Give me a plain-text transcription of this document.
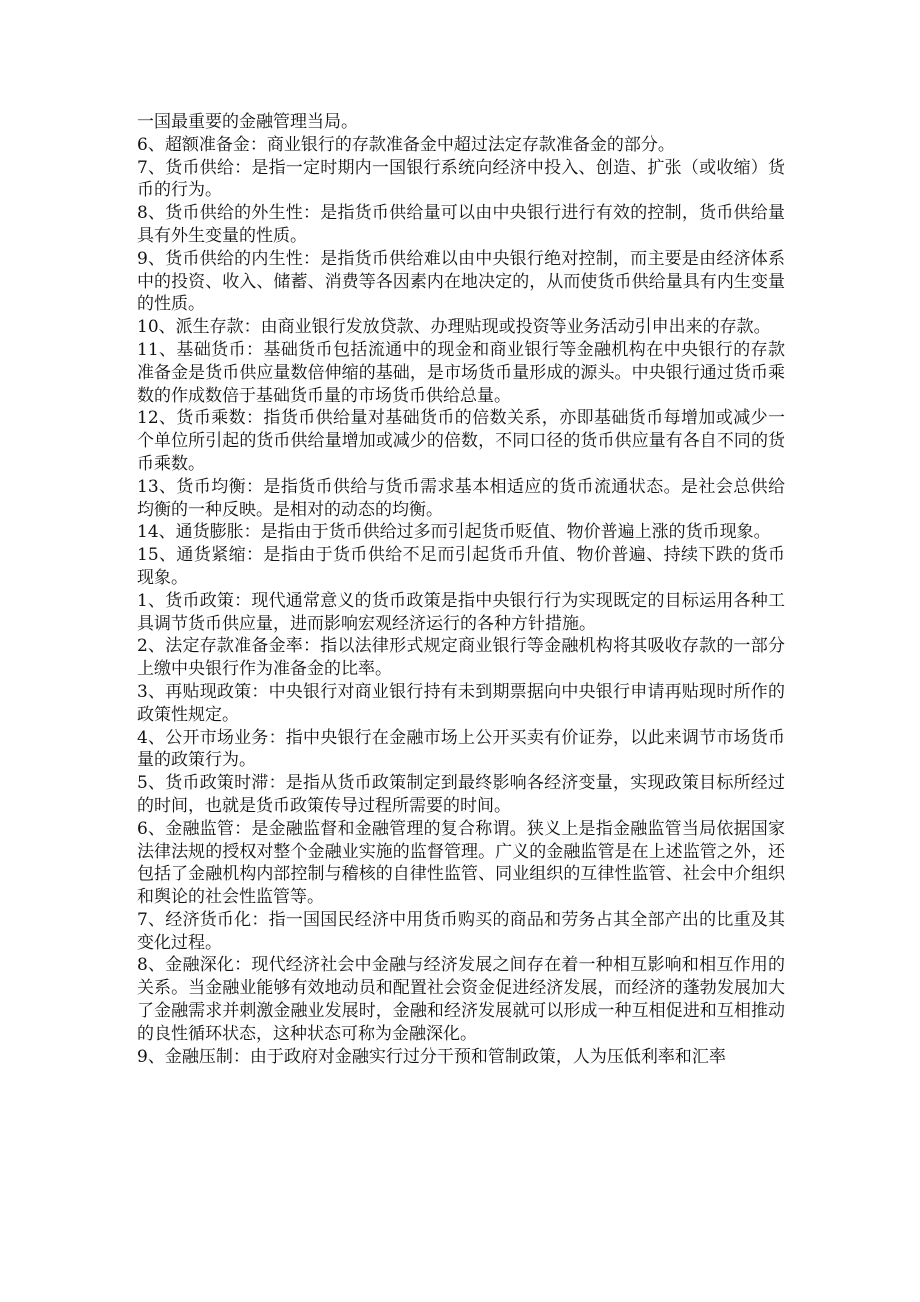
一国最重要的金融管理当局。

6、超额准备金：商业银行的存款准备金中超过法定存款准备金的部分。

7、货币供给：是指一定时期内一国银行系统向经济中投入、创造、扩张（或收缩）货币的行为。

8、货币供给的外生性：是指货币供给量可以由中央银行进行有效的控制，货币供给量具有外生变量的性质。

9、货币供给的内生性：是指货币供给难以由中央银行绝对控制，而主要是由经济体系中的投资、收入、储蓄、消费等各因素内在地决定的，从而使货币供给量具有内生变量的性质。

10、派生存款：由商业银行发放贷款、办理贴现或投资等业务活动引申出来的存款。

11、基础货币：基础货币包括流通中的现金和商业银行等金融机构在中央银行的存款准备金是货币供应量数倍伸缩的基础，是市场货币量形成的源头。中央银行通过货币乘数的作成数倍于基础货币量的市场货币供给总量。

12、货币乘数：指货币供给量对基础货币的倍数关系，亦即基础货币每增加或减少一个单位所引起的货币供给量增加或减少的倍数，不同口径的货币供应量有各自不同的货币乘数。

13、货币均衡：是指货币供给与货币需求基本相适应的货币流通状态。是社会总供给均衡的一种反映。是相对的动态的均衡。

14、通货膨胀：是指由于货币供给过多而引起货币贬值、物价普遍上涨的货币现象。

15、通货紧缩：是指由于货币供给不足而引起货币升值、物价普遍、持续下跌的货币现象。

1、货币政策：现代通常意义的货币政策是指中央银行行为实现既定的目标运用各种工具调节货币供应量，进而影响宏观经济运行的各种方针措施。

2、法定存款准备金率：指以法律形式规定商业银行等金融机构将其吸收存款的一部分上缴中央银行作为准备金的比率。

3、再贴现政策：中央银行对商业银行持有未到期票据向中央银行申请再贴现时所作的政策性规定。

4、公开市场业务：指中央银行在金融市场上公开买卖有价证券，以此来调节市场货币量的政策行为。

5、货币政策时滞：是指从货币政策制定到最终影响各经济变量，实现政策目标所经过的时间，也就是货币政策传导过程所需要的时间。

6、金融监管：是金融监督和金融管理的复合称谓。狭义上是指金融监管当局依据国家法律法规的授权对整个金融业实施的监督管理。广义的金融监管是在上述监管之外，还包括了金融机构内部控制与稽核的自律性监管、同业组织的互律性监管、社会中介组织和舆论的社会性监管等。

7、经济货币化：指一国国民经济中用货币购买的商品和劳务占其全部产出的比重及其变化过程。

8、金融深化：现代经济社会中金融与经济发展之间存在着一种相互影响和相互作用的关系。当金融业能够有效地动员和配置社会资金促进经济发展，而经济的蓬勃发展加大了金融需求并刺激金融业发展时，金融和经济发展就可以形成一种互相促进和互相推动的良性循环状态，这种状态可称为金融深化。

9、金融压制：由于政府对金融实行过分干预和管制政策，人为压低利率和汇率
